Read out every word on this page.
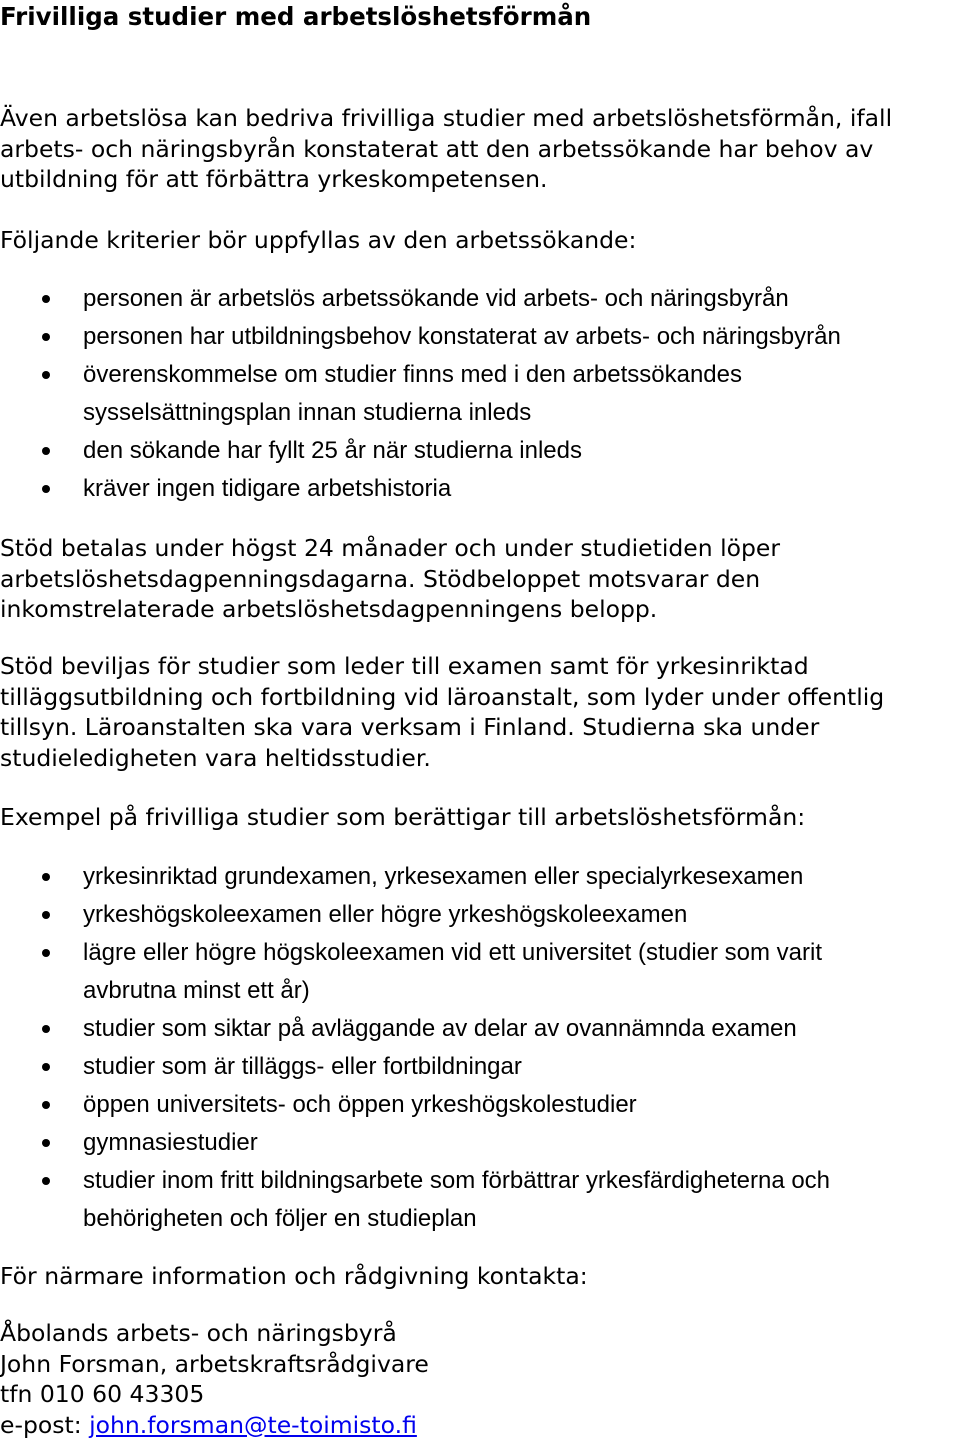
Frivilliga studier med arbetslöshetsförmån

Även arbetslösa kan bedriva frivilliga studier med arbetslöshetsförmån, ifall
arbets- och näringsbyrån konstaterat att den arbetssökande har behov av
utbildning för att förbättra yrkeskompetensen.

Följande kriterier bör uppfyllas av den arbetssökande:

personen är arbetslös arbetssökande vid arbets- och näringsbyrån
personen har utbildningsbehov konstaterat av arbets- och näringsbyrån
överenskommelse om studier finns med i den arbetssökandes
sysselsättningsplan innan studierna inleds
den sökande har fyllt 25 år när studierna inleds
kräver ingen tidigare arbetshistoria

Stöd betalas under högst 24 månader och under studietiden löper
arbetslöshetsdagpenningsdagarna. Stödbeloppet motsvarar den
inkomstrelaterade arbetslöshetsdagpenningens belopp.

Stöd beviljas för studier som leder till examen samt för yrkesinriktad
tilläggsutbildning och fortbildning vid läroanstalt, som lyder under offentlig
tillsyn. Läroanstalten ska vara verksam i Finland. Studierna ska under
studieledigheten vara heltidsstudier.

Exempel på frivilliga studier som berättigar till arbetslöshetsförmån:

yrkesinriktad grundexamen, yrkesexamen eller specialyrkesexamen
yrkeshögskoleexamen eller högre yrkeshögskoleexamen
lägre eller högre högskoleexamen vid ett universitet (studier som varit
avbrutna minst ett år)
studier som siktar på avläggande av delar av ovannämnda examen
studier som är tilläggs- eller fortbildningar
öppen universitets- och öppen yrkeshögskolestudier
gymnasiestudier
studier inom fritt bildningsarbete som förbättrar yrkesfärdigheterna och
behörigheten och följer en studieplan

För närmare information och rådgivning kontakta:

Åbolands arbets- och näringsbyrå
John Forsman, arbetskraftsrådgivare
tfn 010 60 43305
e-post: john.forsman@te-toimisto.fi
